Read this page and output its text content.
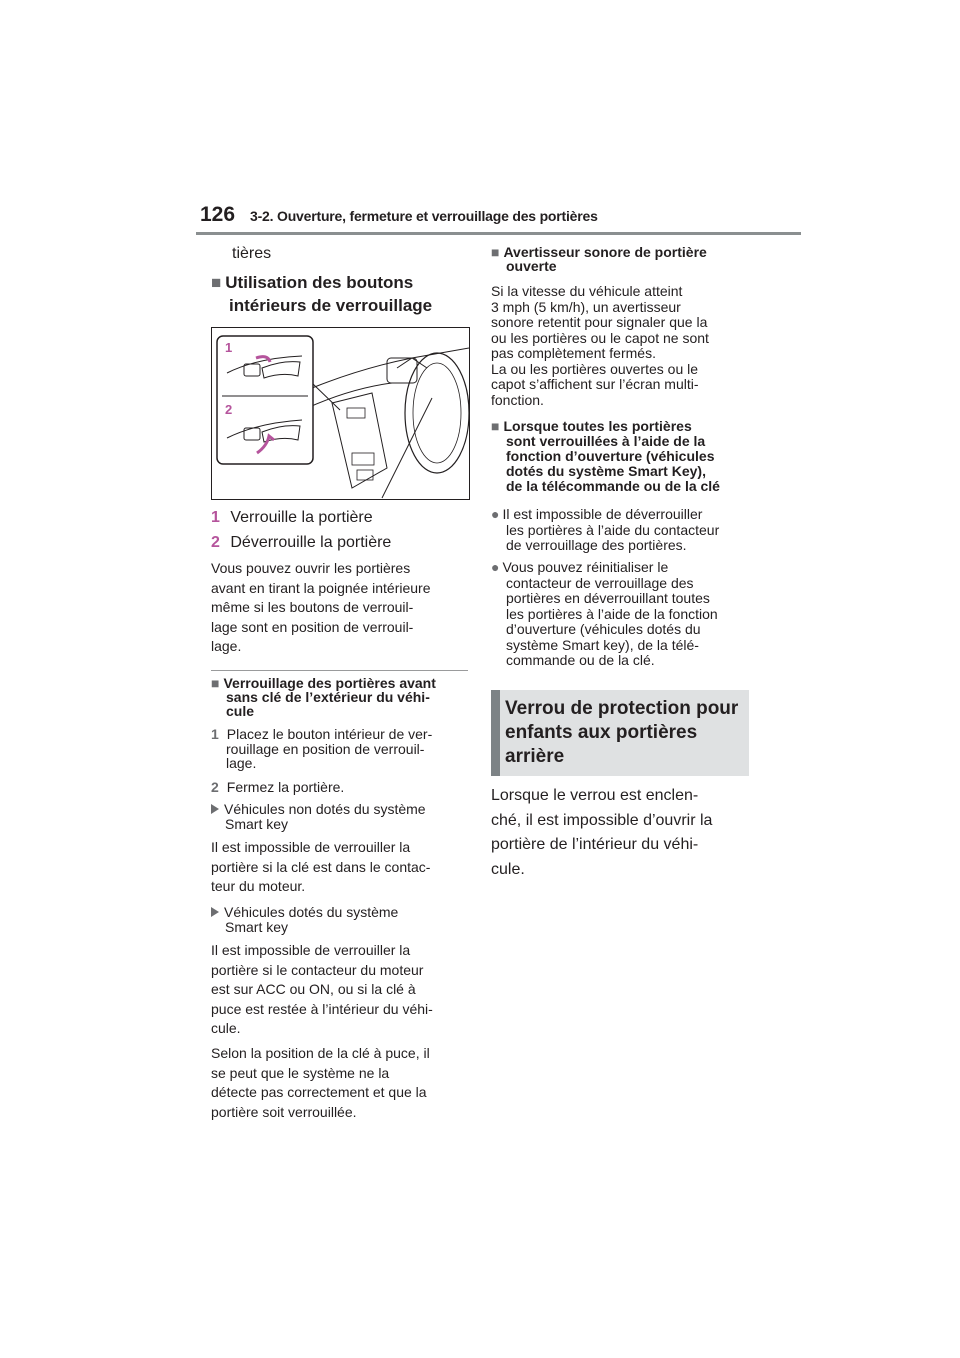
126 3-2. Ouverture, fermeture et verrouillage des portières
tières
■ Utilisation des boutons
intérieurs de verrouillage
1
2
1 Verrouille la portière
2 Déverrouille la portière
Vous pouvez ouvrir les portières
avant en tirant la poignée intérieure
même si les boutons de verrouil-
lage sont en position de verrouil-
lage.
■ Verrouillage des portières avant
sans clé de l’extérieur du véhi-
cule
1 Placez le bouton intérieur de ver-
rouillage en position de verrouil-
lage.
2 Fermez la portière.
Véhicules non dotés du système
Smart key
Il est impossible de verrouiller la
portière si la clé est dans le contac-
teur du moteur.
Véhicules dotés du système
Smart key
Il est impossible de verrouiller la
portière si le contacteur du moteur
est sur ACC ou ON, ou si la clé à
puce est restée à l’intérieur du véhi-
cule.
Selon la position de la clé à puce, il
se peut que le système ne la
détecte pas correctement et que la
portière soit verrouillée.
■ Avertisseur sonore de portière
ouverte
Si la vitesse du véhicule atteint
3 mph (5 km/h), un avertisseur
sonore retentit pour signaler que la
ou les portières ou le capot ne sont
pas complètement fermés.
La ou les portières ouvertes ou le
capot s’affichent sur l’écran multi-
fonction.
■ Lorsque toutes les portières
sont verrouillées à l’aide de la
fonction d’ouverture (véhicules
dotés du système Smart Key),
de la télécommande ou de la clé
● Il est impossible de déverrouiller
les portières à l’aide du contacteur
de verrouillage des portières.
● Vous pouvez réinitialiser le
contacteur de verrouillage des
portières en déverrouillant toutes
les portières à l’aide de la fonction
d’ouverture (véhicules dotés du
système Smart key), de la télé-
commande ou de la clé.
Verrou de protection pour
enfants aux portières
arrière
Lorsque le verrou est enclen-
ché, il est impossible d’ouvrir la
portière de l’intérieur du véhi-
cule.
